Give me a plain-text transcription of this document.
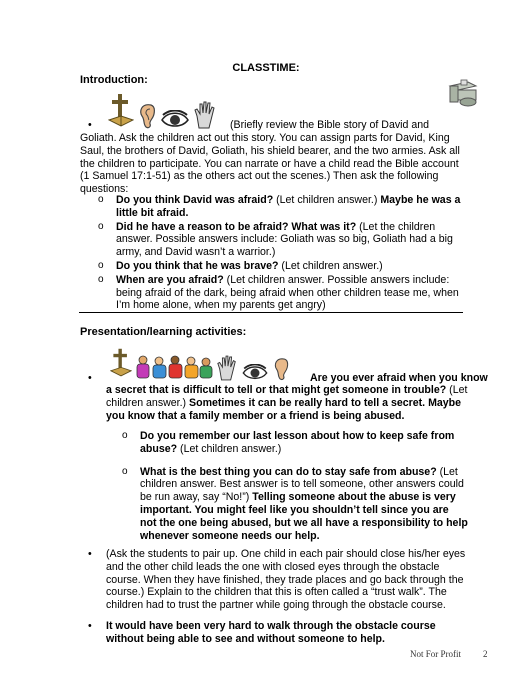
CLASSTIME:
Introduction:
•	(Briefly review the Bible story of David and
Goliath. Ask the children act out this story. You can assign parts for David, King Saul, the brothers of David, Goliath, his shield bearer, and the two armies. Ask all the children to participate. You can narrate or have a child read the Bible account (1 Samuel 17:1-51) as the others act out the scenes.) Then ask the following questions:
o Do you think David was afraid? (Let children answer.) Maybe he was a little bit afraid.
o Did he have a reason to be afraid? What was it? (Let the children answer. Possible answers include: Goliath was so big, Goliath had a big army, and David wasn’t a warrior.)
o Do you think that he was brave? (Let children answer.)
o When are you afraid? (Let children answer. Possible answers include: being afraid of the dark, being afraid when other children tease me, when I’m home alone, when my parents get angry)
Presentation/learning activities:
•	Are you ever afraid when you know
a secret that is difficult to tell or that might get someone in trouble? (Let children answer.) Sometimes it can be really hard to tell a secret. Maybe you know that a family member or a friend is being abused.
o Do you remember our last lesson about how to keep safe from abuse? (Let children answer.)
o What is the best thing you can do to stay safe from abuse? (Let children answer. Best answer is to tell someone, other answers could be run away, say “No!”) Telling someone about the abuse is very important. You might feel like you shouldn’t tell since you are not the one being abused, but we all have a responsibility to help whenever someone needs our help.
•	(Ask the students to pair up. One child in each pair should close his/her eyes and the other child leads the one with closed eyes through the obstacle course. When they have finished, they trade places and go back through the course.) Explain to the children that this is often called a “trust walk”. The children had to trust the partner while going through the obstacle course.
•	It would have been very hard to walk through the obstacle course without being able to see and without someone to help.
Not For Profit 2
